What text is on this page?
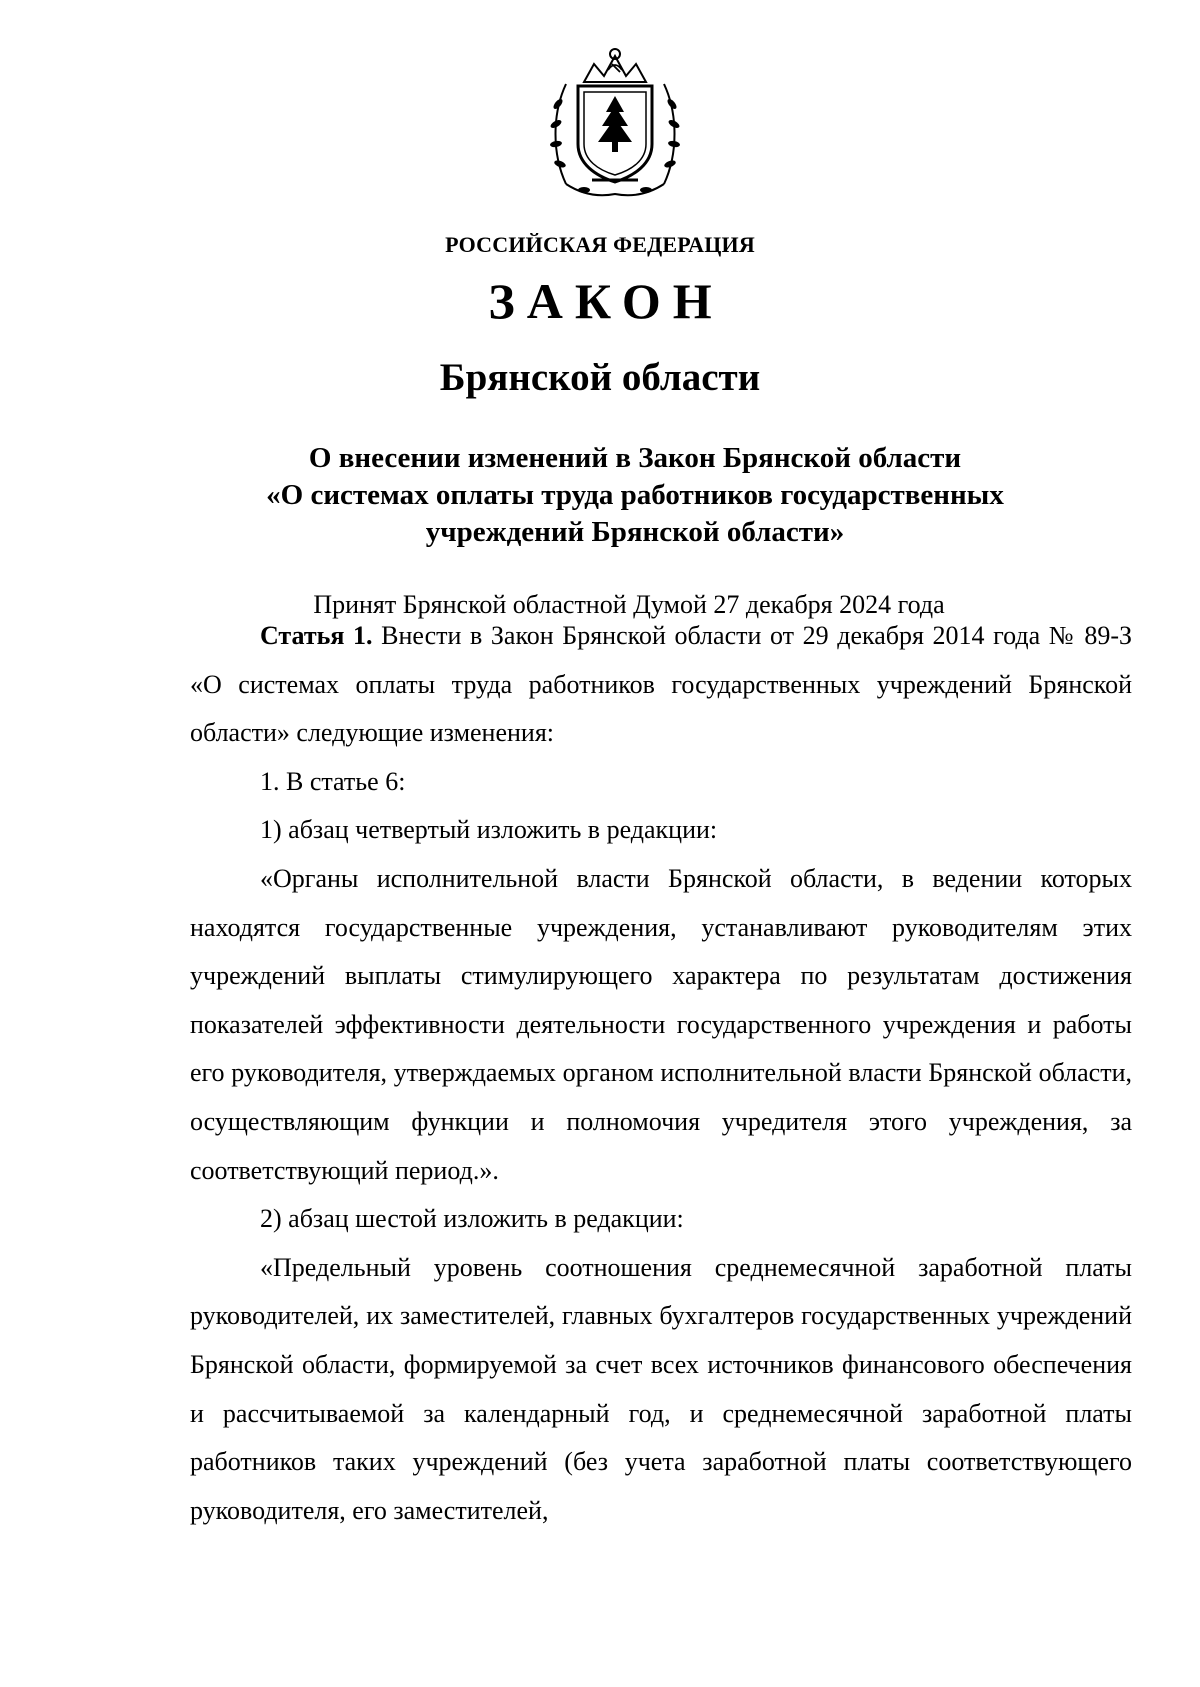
РОССИЙСКАЯ ФЕДЕРАЦИЯ
ЗАКОН
Брянской области
О внесении изменений в Закон Брянской области
«О системах оплаты труда работников государственных
учреждений Брянской области»
Принят Брянской областной Думой 27 декабря 2024 года

Статья 1. Внести в Закон Брянской области от 29 декабря 2014 года № 89-З «О системах оплаты труда работников государственных учреждений Брянской области» следующие изменения:

1. В статье 6:

1) абзац четвертый изложить в редакции:

«Органы исполнительной власти Брянской области, в ведении которых находятся государственные учреждения, устанавливают руководителям этих учреждений выплаты стимулирующего характера по результатам достижения показателей эффективности деятельности государственного учреждения и работы его руководителя, утверждаемых органом исполнительной власти Брянской области, осуществляющим функции и полномочия учредителя этого учреждения, за соответствующий период.».

2) абзац шестой изложить в редакции:

«Предельный уровень соотношения среднемесячной заработной платы руководителей, их заместителей, главных бухгалтеров государственных учреждений Брянской области, формируемой за счет всех источников финансового обеспечения и рассчитываемой за календарный год, и среднемесячной заработной платы работников таких учреждений (без учета заработной платы соответствующего руководителя, его заместителей,
